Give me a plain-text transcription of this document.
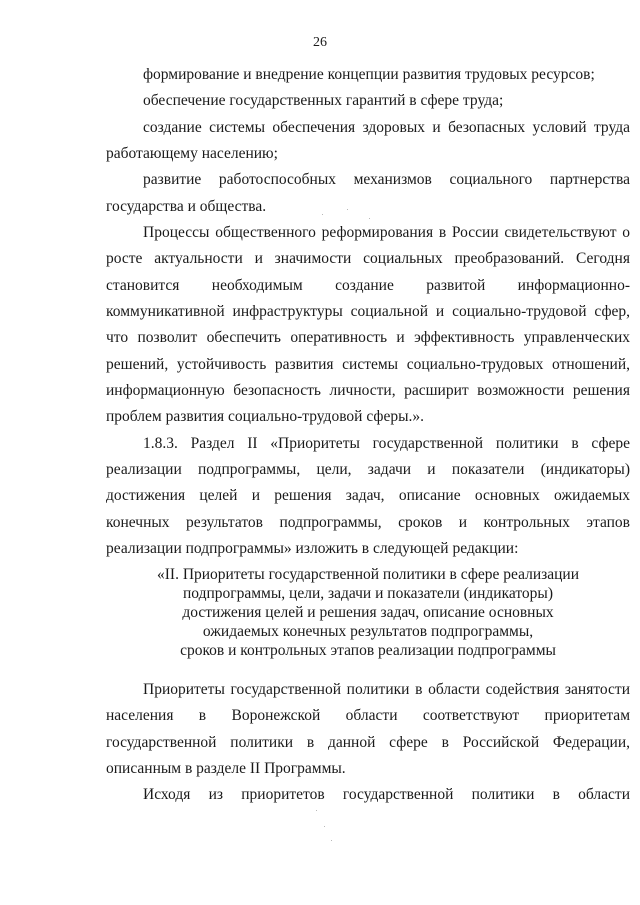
26
формирование и внедрение концепции развития трудовых ресурсов;
обеспечение государственных гарантий в сфере труда;
создание системы обеспечения здоровых и безопасных условий труда
работающему населению;
развитие работоспособных механизмов социального партнерства
государства и общества.
Процессы общественного реформирования в России свидетельствуют о
росте актуальности и значимости социальных преобразований. Сегодня
становится необходимым создание развитой информационно-
коммуникативной инфраструктуры социальной и социально-трудовой сфер,
что позволит обеспечить оперативность и эффективность управленческих
решений, устойчивость развития системы социально-трудовых отношений,
информационную безопасность личности, расширит возможности решения
проблем развития социально-трудовой сферы.».
1.8.3. Раздел II «Приоритеты государственной политики в сфере
реализации подпрограммы, цели, задачи и показатели (индикаторы)
достижения целей и решения задач, описание основных ожидаемых
конечных результатов подпрограммы, сроков и контрольных этапов
реализации подпрограммы» изложить в следующей редакции:
«II. Приоритеты государственной политики в сфере реализации
подпрограммы, цели, задачи и показатели (индикаторы)
достижения целей и решения задач, описание основных
ожидаемых конечных результатов подпрограммы,
сроков и контрольных этапов реализации подпрограммы
Приоритеты государственной политики в области содействия занятости
населения в Воронежской области соответствуют приоритетам
государственной политики в данной сфере в Российской Федерации,
описанным в разделе II Программы.
Исходя из приоритетов государственной политики в области
